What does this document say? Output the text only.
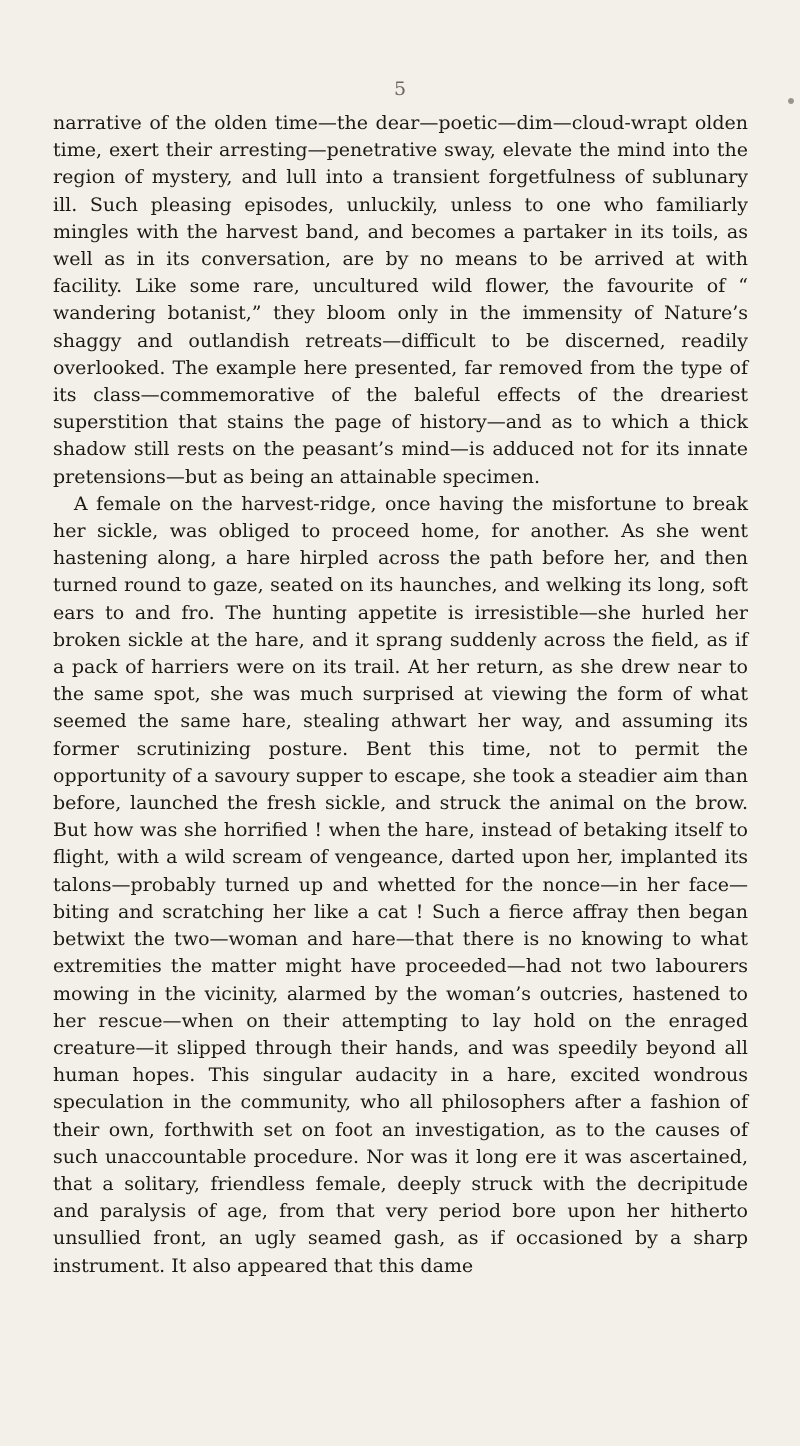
5

narrative of the olden time—the dear—poetic—dim—cloud-wrapt olden time, exert their arresting—penetrative sway, elevate the mind into the region of mystery, and lull into a transient forgetfulness of sublunary ill. Such pleasing episodes, unluckily, unless to one who familiarly mingles with the harvest band, and becomes a partaker in its toils, as well as in its conversation, are by no means to be arrived at with facility. Like some rare, uncultured wild flower, the favourite of “ wandering botanist,” they bloom only in the immensity of Nature’s shaggy and outlandish retreats—difficult to be discerned, readily overlooked. The example here presented, far removed from the type of its class—commemorative of the baleful effects of the dreariest superstition that stains the page of history—and as to which a thick shadow still rests on the peasant’s mind—is adduced not for its innate pretensions—but as being an attainable specimen.

A female on the harvest-ridge, once having the misfortune to break her sickle, was obliged to proceed home, for another. As she went hastening along, a hare hirpled across the path before her, and then turned round to gaze, seated on its haunches, and welking its long, soft ears to and fro. The hunting appetite is irresistible—she hurled her broken sickle at the hare, and it sprang suddenly across the field, as if a pack of harriers were on its trail. At her return, as she drew near to the same spot, she was much surprised at viewing the form of what seemed the same hare, stealing athwart her way, and assuming its former scrutinizing posture. Bent this time, not to permit the opportunity of a savoury supper to escape, she took a steadier aim than before, launched the fresh sickle, and struck the animal on the brow. But how was she horrified ! when the hare, instead of betaking itself to flight, with a wild scream of vengeance, darted upon her, implanted its talons—probably turned up and whetted for the nonce—in her face—biting and scratching her like a cat ! Such a fierce affray then began betwixt the two—woman and hare—that there is no knowing to what extremities the matter might have proceeded—had not two labourers mowing in the vicinity, alarmed by the woman’s outcries, hastened to her rescue—when on their attempting to lay hold on the enraged creature—it slipped through their hands, and was speedily beyond all human hopes. This singular audacity in a hare, excited wondrous speculation in the community, who all philosophers after a fashion of their own, forthwith set on foot an investigation, as to the causes of such unaccountable procedure. Nor was it long ere it was ascertained, that a solitary, friendless female, deeply struck with the decripitude and paralysis of age, from that very period bore upon her hitherto unsullied front, an ugly seamed gash, as if occasioned by a sharp instrument. It also appeared that this dame
